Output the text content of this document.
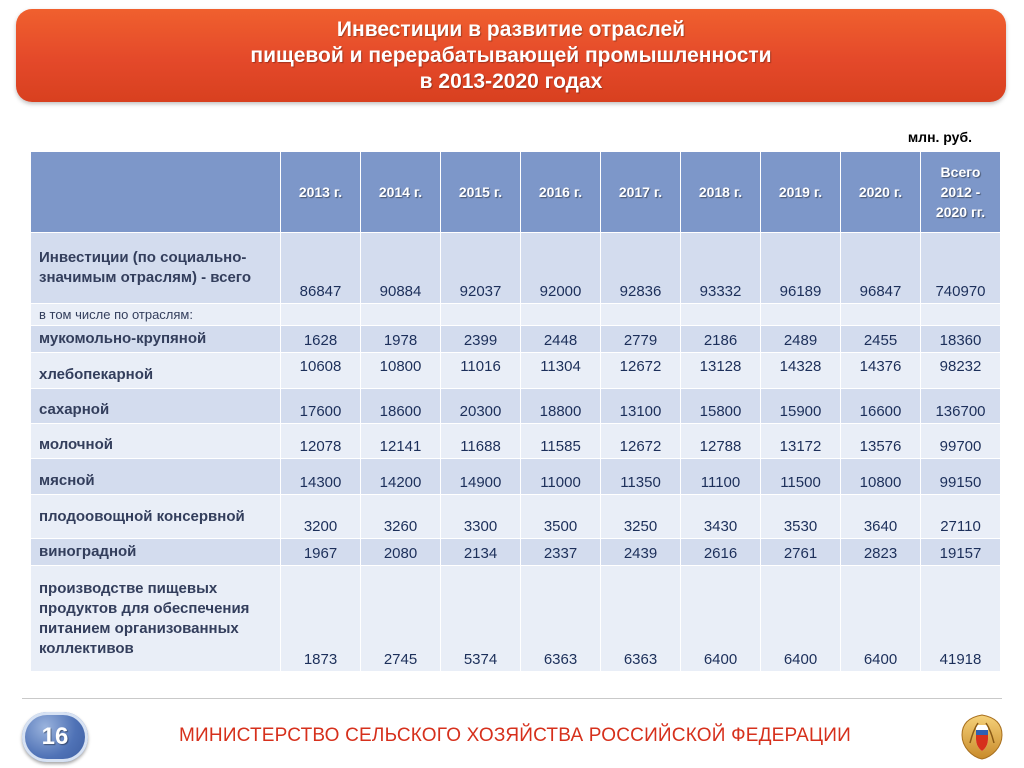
Инвестиции в развитие отраслей
пищевой и перерабатывающей промышленности
в 2013-2020 годах
млн. руб.
	2013 г.	2014 г.	2015 г.	2016 г.	2017 г.	2018 г.	2019 г.	2020 г.	Всего
2012 -
2020 гг.
Инвестиции (по социально-значимым отраслям) - всего	86847	90884	92037	92000	92836	93332	96189	96847	740970
в том числе по отраслям:									
мукомольно-крупяной	1628	1978	2399	2448	2779	2186	2489	2455	18360
хлебопекарной	10608	10800	11016	11304	12672	13128	14328	14376	98232
сахарной	17600	18600	20300	18800	13100	15800	15900	16600	136700
молочной	12078	12141	11688	11585	12672	12788	13172	13576	99700
мясной	14300	14200	14900	11000	11350	11100	11500	10800	99150
плодоовощной консервной	3200	3260	3300	3500	3250	3430	3530	3640	27110
виноградной	1967	2080	2134	2337	2439	2616	2761	2823	19157
производстве пищевых продуктов для обеспечения питанием организованных коллективов	1873	2745	5374	6363	6363	6400	6400	6400	41918
16	МИНИСТЕРСТВО СЕЛЬСКОГО ХОЗЯЙСТВА РОССИЙСКОЙ ФЕДЕРАЦИИ
